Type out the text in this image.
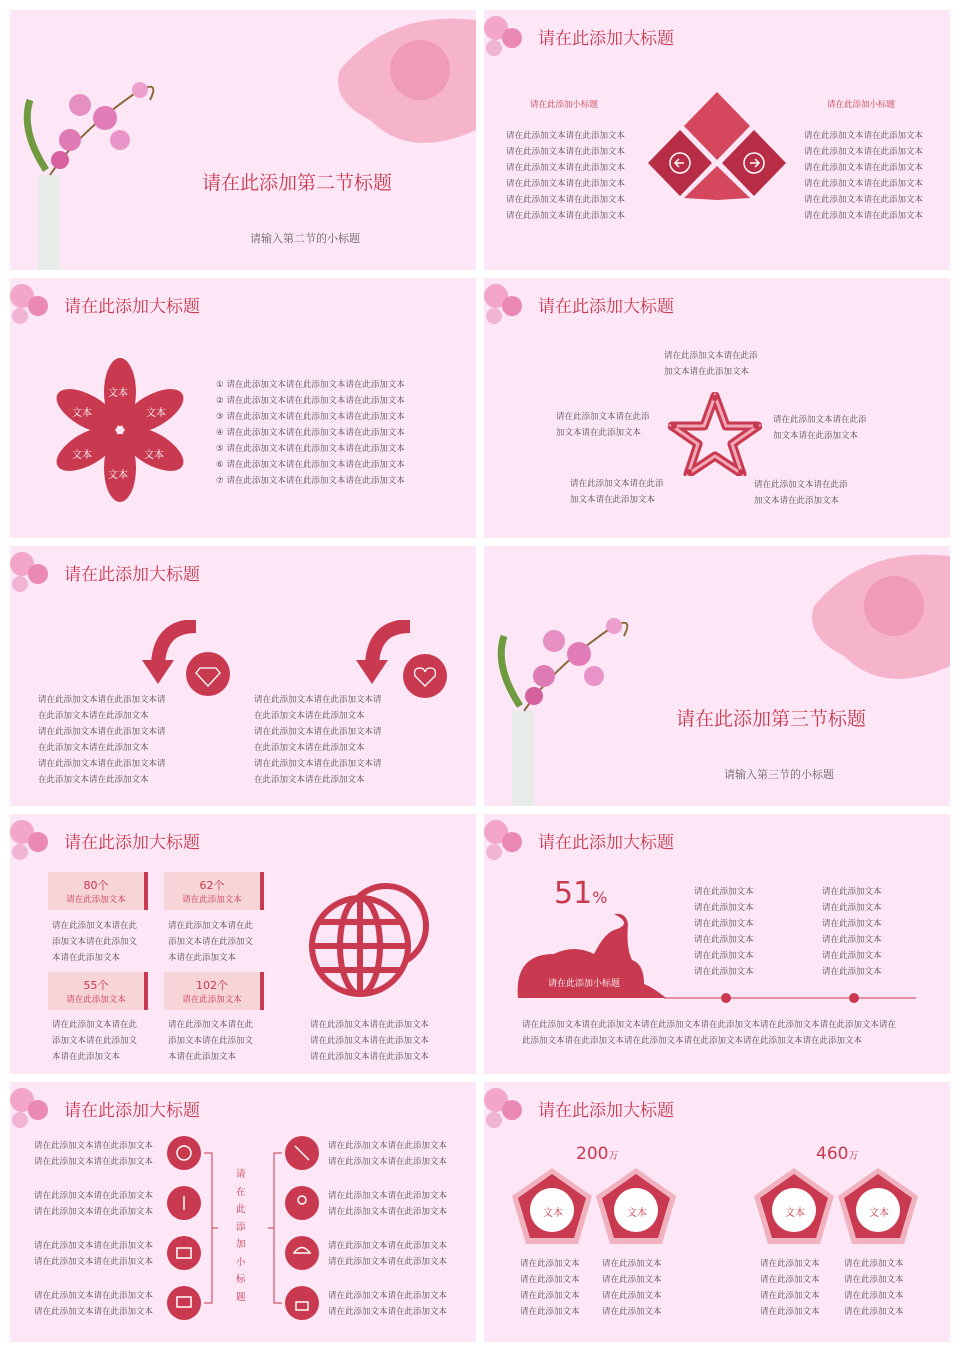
请在此添加第二节标题
请输入第二节的小标题
请在此添加大标题
请在此添加小标题	请在此添加小标题
请在此添加文本请在此添加文本
请在此添加文本请在此添加文本
请在此添加文本请在此添加文本
请在此添加文本请在此添加文本
请在此添加文本请在此添加文本
请在此添加文本请在此添加文本
请在此添加文本请在此添加文本
请在此添加文本请在此添加文本
请在此添加文本请在此添加文本
请在此添加文本请在此添加文本
请在此添加文本请在此添加文本
请在此添加文本请在此添加文本
请在此添加大标题
文本
文本	文本
文本	文本
文本
① 请在此添加文本请在此添加文本请在此添加文本
② 请在此添加文本请在此添加文本请在此添加文本
③ 请在此添加文本请在此添加文本请在此添加文本
④ 请在此添加文本请在此添加文本请在此添加文本
⑤ 请在此添加文本请在此添加文本请在此添加文本
⑥ 请在此添加文本请在此添加文本请在此添加文本
⑦ 请在此添加文本请在此添加文本请在此添加文本
请在此添加大标题
请在此添加文本请在此添
加文本请在此添加文本
请在此添加文本请在此添
加文本请在此添加文本
请在此添加文本请在此添
加文本请在此添加文本
请在此添加文本请在此添
加文本请在此添加文本
请在此添加文本请在此添
加文本请在此添加文本
请在此添加大标题
请在此添加文本请在此添加文本请
在此添加文本请在此添加文本
请在此添加文本请在此添加文本请
在此添加文本请在此添加文本
请在此添加文本请在此添加文本请
在此添加文本请在此添加文本
请在此添加文本请在此添加文本请
在此添加文本请在此添加文本
请在此添加文本请在此添加文本请
在此添加文本请在此添加文本
请在此添加文本请在此添加文本请
在此添加文本请在此添加文本
请在此添加第三节标题
请输入第三节的小标题
请在此添加大标题
80个
请在此添加文本
62个
请在此添加文本
请在此添加文本请在此
添加文本请在此添加文
本请在此添加文本
请在此添加文本请在此
添加文本请在此添加文
本请在此添加文本
55个
请在此添加文本
102个
请在此添加文本
请在此添加文本请在此
添加文本请在此添加文
本请在此添加文本
请在此添加文本请在此
添加文本请在此添加文
本请在此添加文本
请在此添加文本请在此添加文本
请在此添加文本请在此添加文本
请在此添加文本请在此添加文本
请在此添加大标题
51%
请在此添加小标题
请在此添加文本
请在此添加文本
请在此添加文本
请在此添加文本
请在此添加文本
请在此添加文本
请在此添加文本
请在此添加文本
请在此添加文本
请在此添加文本
请在此添加文本
请在此添加文本
请在此添加文本请在此添加文本请在此添加文本请在此添加文本请在此添加文本请在此添加文本请在
此添加文本请在此添加文本请在此添加文本请在此添加文本请在此添加文本请在此添加文本
请在此添加大标题
请在此添加文本请在此添加文本
请在此添加文本请在此添加文本
请在此添加文本请在此添加文本
请在此添加文本请在此添加文本
请在此添加文本请在此添加文本
请在此添加文本请在此添加文本
请在此添加文本请在此添加文本
请在此添加文本请在此添加文本
请
在
此
添
加
小
标
题
请在此添加文本请在此添加文本
请在此添加文本请在此添加文本
请在此添加文本请在此添加文本
请在此添加文本请在此添加文本
请在此添加文本请在此添加文本
请在此添加文本请在此添加文本
请在此添加文本请在此添加文本
请在此添加文本请在此添加文本
请在此添加大标题
200万	460万
文本	文本	文本	文本
请在此添加文本
请在此添加文本
请在此添加文本
请在此添加文本
请在此添加文本
请在此添加文本
请在此添加文本
请在此添加文本
请在此添加文本
请在此添加文本
请在此添加文本
请在此添加文本
请在此添加文本
请在此添加文本
请在此添加文本
请在此添加文本
